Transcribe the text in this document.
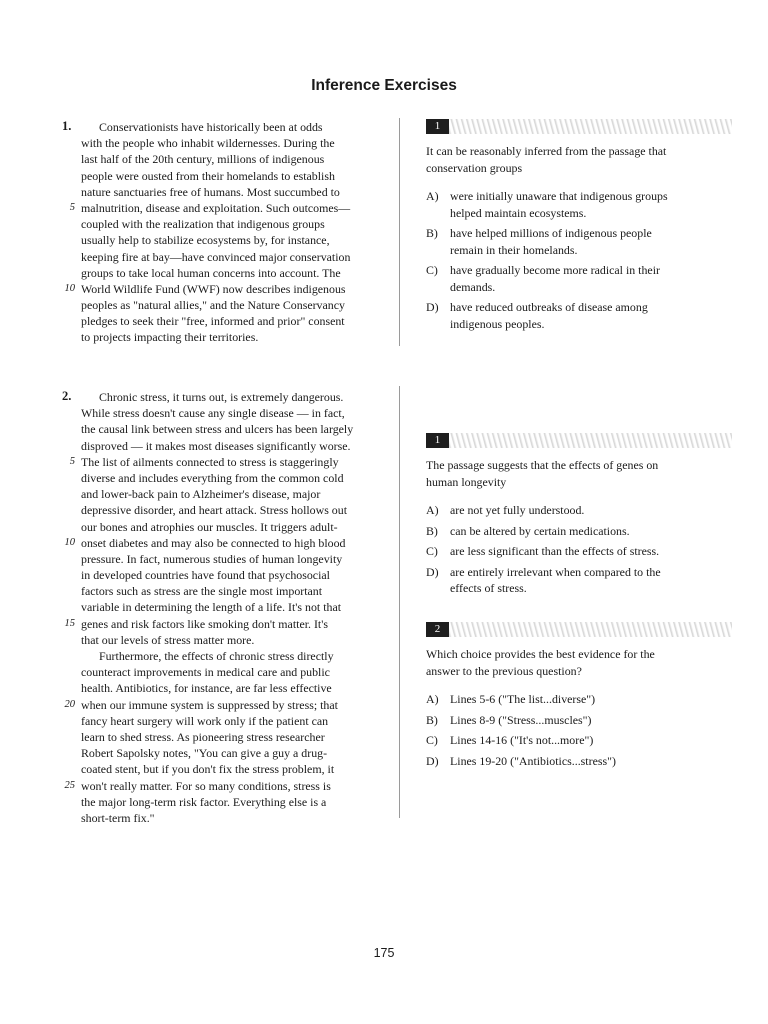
Inference Exercises
1.	Conservationists have historically been at odds
with the people who inhabit wildernesses. During the
last half of the 20th century, millions of indigenous
people were ousted from their homelands to establish
nature sanctuaries free of humans. Most succumbed to
5 malnutrition, disease and exploitation. Such outcomes—
coupled with the realization that indigenous groups
usually help to stabilize ecosystems by, for instance,
keeping fire at bay—have convinced major conservation
groups to take local human concerns into account. The
10 World Wildlife Fund (WWF) now describes indigenous
peoples as "natural allies," and the Nature Conservancy
pledges to seek their "free, informed and prior" consent
to projects impacting their territories.
2.	Chronic stress, it turns out, is extremely dangerous.
While stress doesn't cause any single disease — in fact,
the causal link between stress and ulcers has been largely
disproved — it makes most diseases significantly worse.
5 The list of ailments connected to stress is staggeringly
diverse and includes everything from the common cold
and lower-back pain to Alzheimer's disease, major
depressive disorder, and heart attack. Stress hollows out
our bones and atrophies our muscles. It triggers adult-
10 onset diabetes and may also be connected to high blood
pressure. In fact, numerous studies of human longevity
in developed countries have found that psychosocial
factors such as stress are the single most important
variable in determining the length of a life. It's not that
15 genes and risk factors like smoking don't matter. It's
that our levels of stress matter more.
Furthermore, the effects of chronic stress directly
counteract improvements in medical care and public
health. Antibiotics, for instance, are far less effective
20 when our immune system is suppressed by stress; that
fancy heart surgery will work only if the patient can
learn to shed stress. As pioneering stress researcher
Robert Sapolsky notes, "You can give a guy a drug-
coated stent, but if you don't fix the stress problem, it
25 won't really matter. For so many conditions, stress is
the major long-term risk factor. Everything else is a
short-term fix."
1
It can be reasonably inferred from the passage that
conservation groups
A) were initially unaware that indigenous groups
helped maintain ecosystems.
B) have helped millions of indigenous people
remain in their homelands.
C) have gradually become more radical in their
demands.
D) have reduced outbreaks of disease among
indigenous peoples.
1
The passage suggests that the effects of genes on
human longevity
A) are not yet fully understood.
B) can be altered by certain medications.
C) are less significant than the effects of stress.
D) are entirely irrelevant when compared to the
effects of stress.
2
Which choice provides the best evidence for the
answer to the previous question?
A) Lines 5-6 ("The list...diverse")
B) Lines 8-9 ("Stress...muscles")
C) Lines 14-16 ("It's not...more")
D) Lines 19-20 ("Antibiotics...stress")
175
